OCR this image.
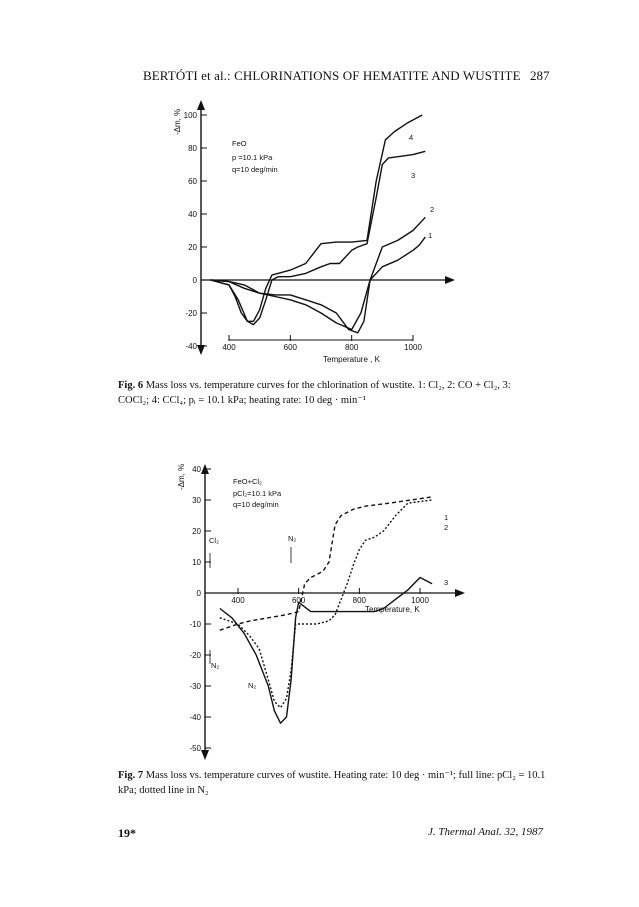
BERTÓTI et al.: CHLORINATIONS OF HEMATITE AND WUSTITE 287
100
80
60
40
20
0
-20
-40	400	600	800	1000
-Δm, %
Temperature , K
FeO
p =10.1 kPa
q=10 deg/min
1
2
3
4
40
30
20
10
0
-10
-20
-30
-40
-50
400	600	800	1000
-Δm, %
Temperature, K
FeO+Cl₂
pCl₂=10.1 kPa
q=10 deg/min
Cl₂
N₂
N₂
N₂
1
2
3
Fig. 6 Mass loss vs. temperature curves for the chlorination of wustite. 1: Cl₂, 2: CO + Cl₂, 3: COCl₂; 4: CCl₄; pᵢ = 10.1 kPa; heating rate: 10 deg · min⁻¹
Fig. 7 Mass loss vs. temperature curves of wustite. Heating rate: 10 deg · min⁻¹; full line: pCl₂ = 10.1 kPa; dotted line in N₂
19*	J. Thermal Anal. 32, 1987
